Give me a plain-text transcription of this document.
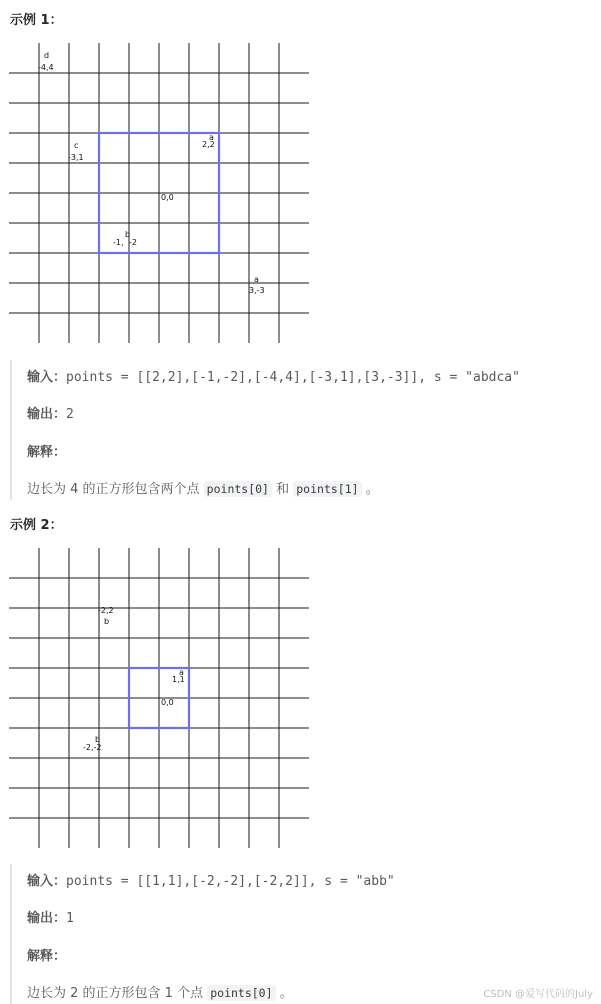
示例 1：
0,0
a
2,2
b
-1，-2
d
-4,4
c
-3,1
a
3,-3
输入：points = [[2,2],[-1,-2],[-4,4],[-3,1],[3,-3]], s = "abdca"
输出：2
解释：
边长为 4 的正方形包含两个点 points[0] 和 points[1] 。
示例 2：
0,0
a
1,1
b
-2,-2
b
-2,2
输入：points = [[1,1],[-2,-2],[-2,2]], s = "abb"
输出：1
解释：
边长为 2 的正方形包含 1 个点 points[0] 。	CSDN @爱写代码的July
